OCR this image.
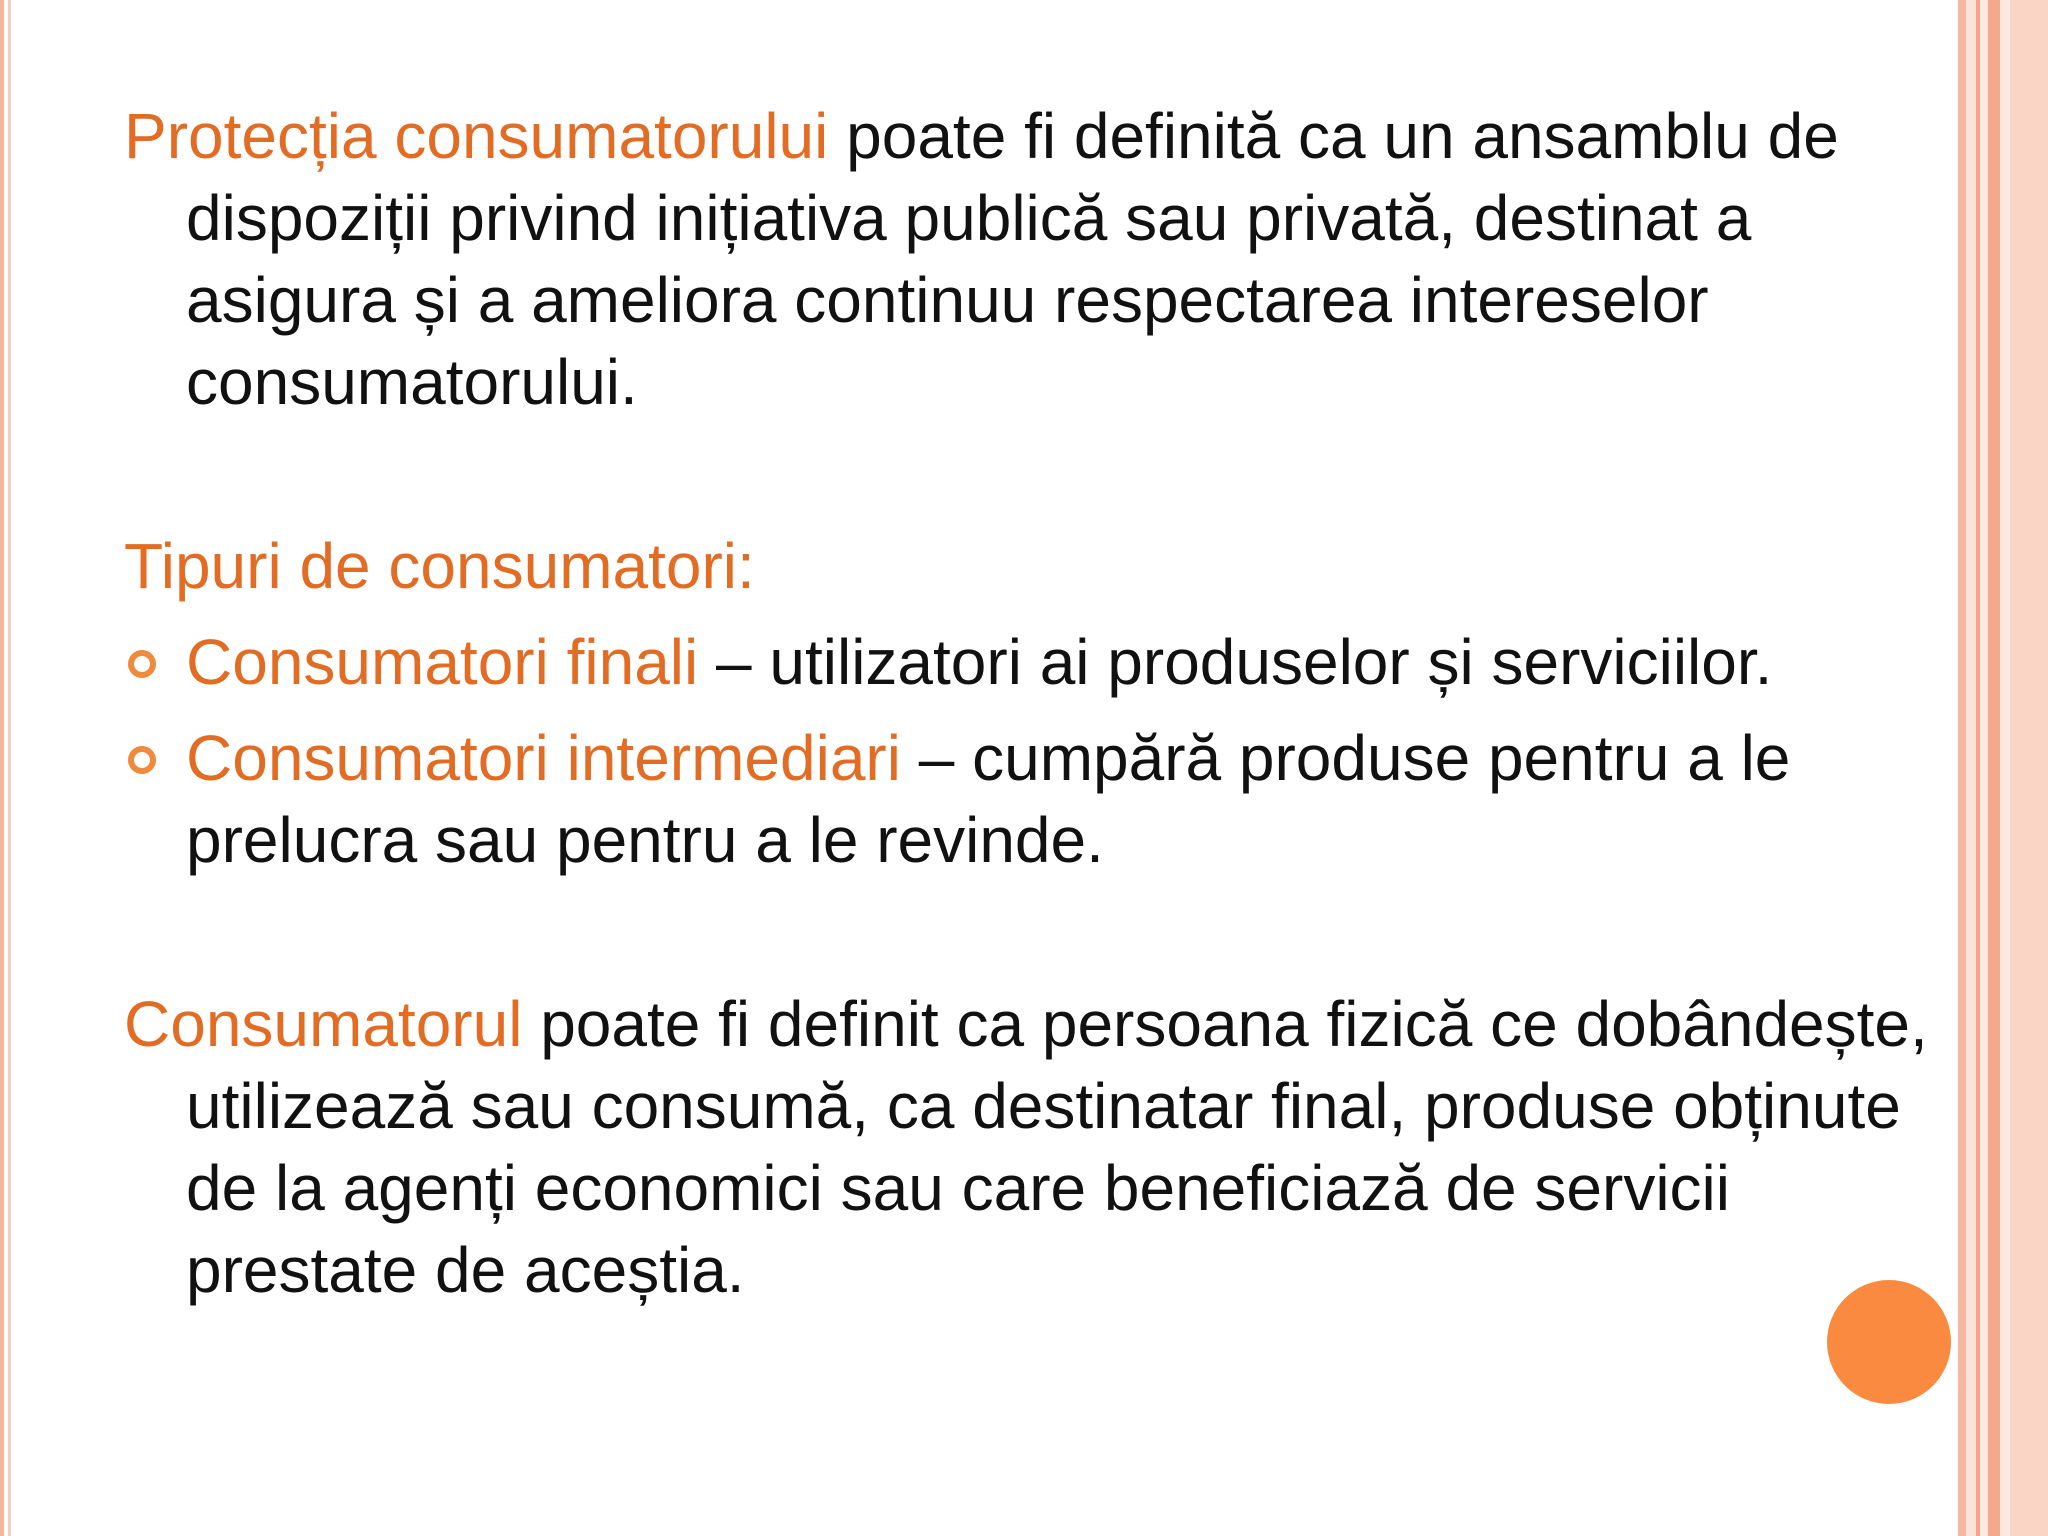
Protecția consumatorului poate fi definită ca un ansamblu de dispoziții privind inițiativa publică sau privată, destinat a asigura și a ameliora continuu respectarea intereselor consumatorului.

Tipuri de consumatori:

Consumatori finali – utilizatori ai produselor și serviciilor.

Consumatori intermediari – cumpără produse pentru a le prelucra sau pentru a le revinde.

Consumatorul poate fi definit ca persoana fizică ce dobândește, utilizează sau consumă, ca destinatar final, produse obținute de la agenți economici sau care beneficiază de servicii prestate de aceștia.
